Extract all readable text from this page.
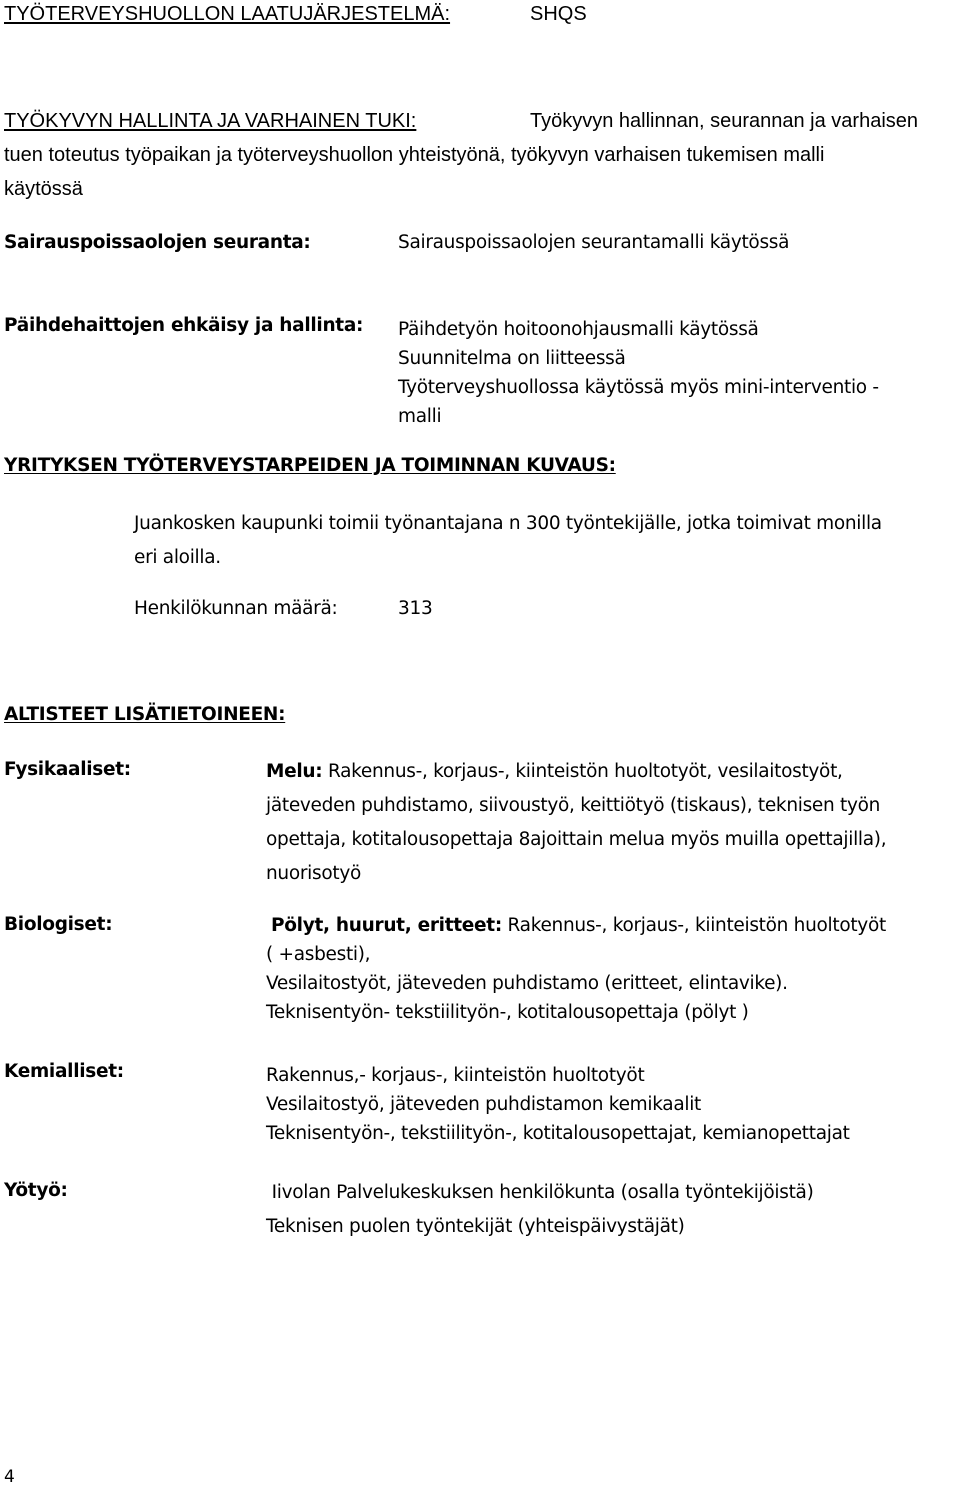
TYÖTERVEYSHUOLLON LAATUJÄRJESTELMÄ:	SHQS
TYÖKYVYN HALLINTA JA VARHAINEN TUKI:	Työkyvyn hallinnan, seurannan ja varhaisen
tuen toteutus työpaikan ja työterveyshuollon yhteistyönä, työkyvyn varhaisen tukemisen malli
käytössä
Sairauspoissaolojen seuranta:	Sairauspoissaolojen seurantamalli käytössä
Päihdehaittojen ehkäisy ja hallinta: Päihdetyön hoitoonohjausmalli käytössä
Suunnitelma on liitteessä
Työterveyshuollossa käytössä myös mini-interventio -
malli
YRITYKSEN TYÖTERVEYSTARPEIDEN JA TOIMINNAN KUVAUS:
Juankosken kaupunki toimii työnantajana n 300 työntekijälle, jotka toimivat monilla
eri aloilla.
Henkilökunnan määrä:	313
ALTISTEET LISÄTIETOINEEN:
Fysikaaliset:	Melu: Rakennus-, korjaus-, kiinteistön huoltotyöt, vesilaitostyöt,
jäteveden puhdistamo, siivoustyö, keittiötyö (tiskaus), teknisen työn
opettaja, kotitalousopettaja 8ajoittain melua myös muilla opettajilla),
nuorisotyö
Biologiset:	Pölyt, huurut, eritteet: Rakennus-, korjaus-, kiinteistön huoltotyöt
( +asbesti),
Vesilaitostyöt, jäteveden puhdistamo (eritteet, elintavike).
Teknisentyön- tekstiilityön-, kotitalousopettaja (pölyt )
Kemialliset:	Rakennus,- korjaus-, kiinteistön huoltotyöt
Vesilaitostyö, jäteveden puhdistamon kemikaalit
Teknisentyön-, tekstiilityön-, kotitalousopettajat, kemianopettajat
Yötyö:	Iivolan Palvelukeskuksen henkilökunta (osalla työntekijöistä)
Teknisen puolen työntekijät (yhteispäivystäjät)
4
